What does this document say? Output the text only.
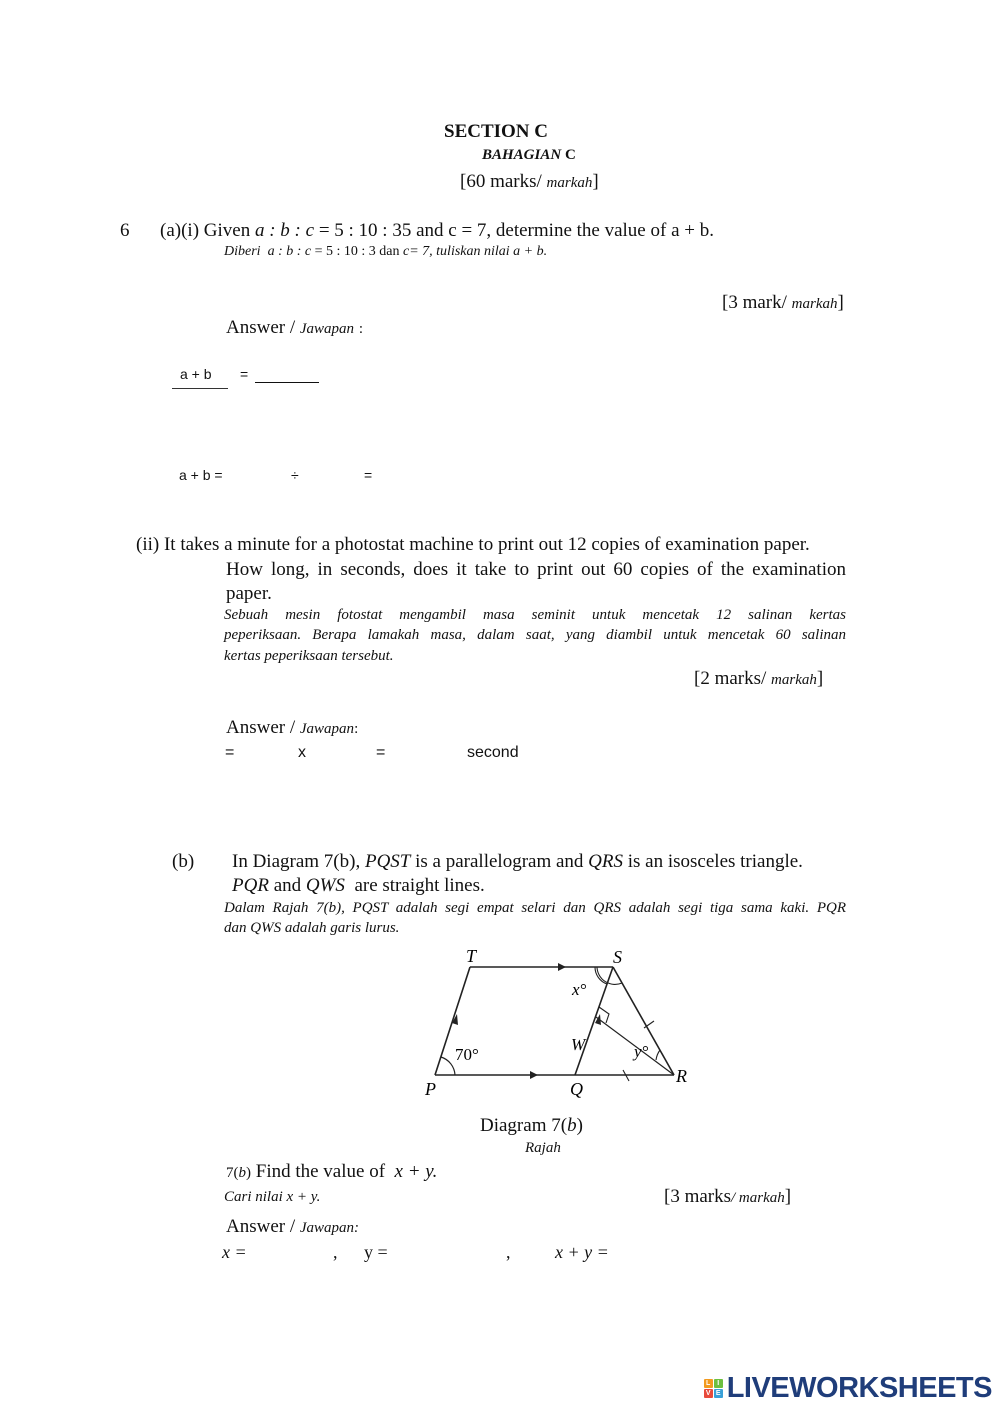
SECTION C
BAHAGIAN C
[60 marks/ markah]
6 (a)(i) Given a : b : c = 5 : 10 : 35 and c = 7, determine the value of a + b.
Diberi a : b : c = 5 : 10 : 3 dan c= 7, tuliskan nilai a + b.
[3 mark/ markah]
Answer / Jawapan :
a + b =
a + b =	÷	=
(ii) It takes a minute for a photostat machine to print out 12 copies of examination paper.
How long, in seconds, does it take to print out 60 copies of the examination
paper.
Sebuah mesin fotostat mengambil masa seminit untuk mencetak 12 salinan kertas
peperiksaan. Berapa lamakah masa, dalam saat, yang diambil untuk mencetak 60 salinan
kertas peperiksaan tersebut.
[2 marks/ markah]
Answer / Jawapan:
=	x	=	second
(b) In Diagram 7(b), PQST is a parallelogram and QRS is an isosceles triangle.
PQR and QWS are straight lines.
Dalam Rajah 7(b), PQST adalah segi empat selari dan QRS adalah segi tiga sama kaki. PQR
dan QWS adalah garis lurus.
T	S
P	Q
R
W
x°
y°
70°
Diagram 7(b)
Rajah
7(b) Find the value of x + y.
Cari nilai x + y.	[3 marks/ markah]
Answer / Jawapan:
x =	, y =	, x + y =
L I
V E LIVEWORKSHEETS
